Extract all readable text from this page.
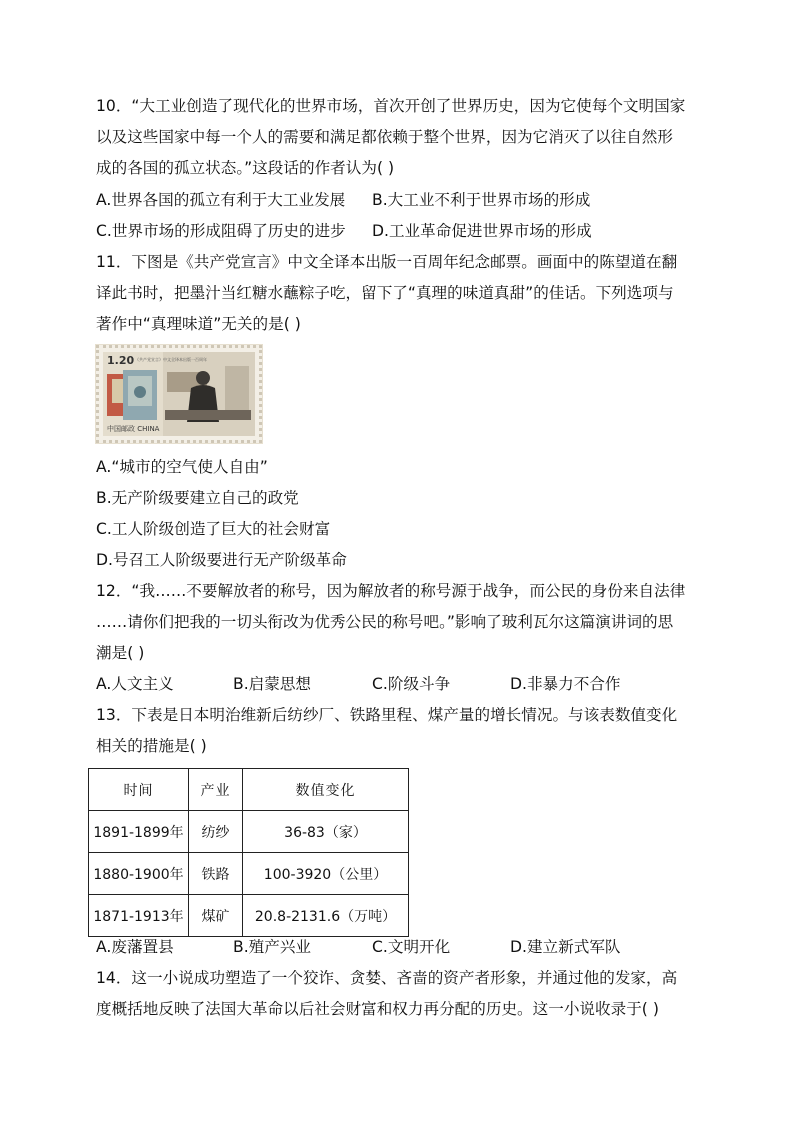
10．“大工业创造了现代化的世界市场，首次开创了世界历史，因为它使每个文明国家
以及这些国家中每一个人的需要和满足都依赖于整个世界，因为它消灭了以往自然形
成的各国的孤立状态。”这段话的作者认为( )
A.世界各国的孤立有利于大工业发展 B.大工业不利于世界市场的形成
C.世界市场的形成阻碍了历史的进步 D.工业革命促进世界市场的形成
11．下图是《共产党宣言》中文全译本出版一百周年纪念邮票。画面中的陈望道在翻
译此书时，把墨汁当红糖水蘸粽子吃，留下了“真理的味道真甜”的佳话。下列选项与
著作中“真理味道”无关的是( )
1.20 《共产党宣言》中文全译本出版一百周年
中国邮政 CHINA
A.“城市的空气使人自由”
B.无产阶级要建立自己的政党
C.工人阶级创造了巨大的社会财富
D.号召工人阶级要进行无产阶级革命
12．“我……不要解放者的称号，因为解放者的称号源于战争，而公民的身份来自法律
……请你们把我的一切头衔改为优秀公民的称号吧。”影响了玻利瓦尔这篇演讲词的思
潮是( )
A.人文主义	B.启蒙思想	C.阶级斗争	D.非暴力不合作
13．下表是日本明治维新后纺纱厂、铁路里程、煤产量的增长情况。与该表数值变化
相关的措施是( )
时间	产业	数值变化
1891-1899年	纺纱	36-83（家）
1880-1900年	铁路	100-3920（公里）
1871-1913年	煤矿	20.8-2131.6（万吨）
A.废藩置县	B.殖产兴业	C.文明开化	D.建立新式军队
14．这一小说成功塑造了一个狡诈、贪婪、吝啬的资产者形象，并通过他的发家，高
度概括地反映了法国大革命以后社会财富和权力再分配的历史。这一小说收录于( )
